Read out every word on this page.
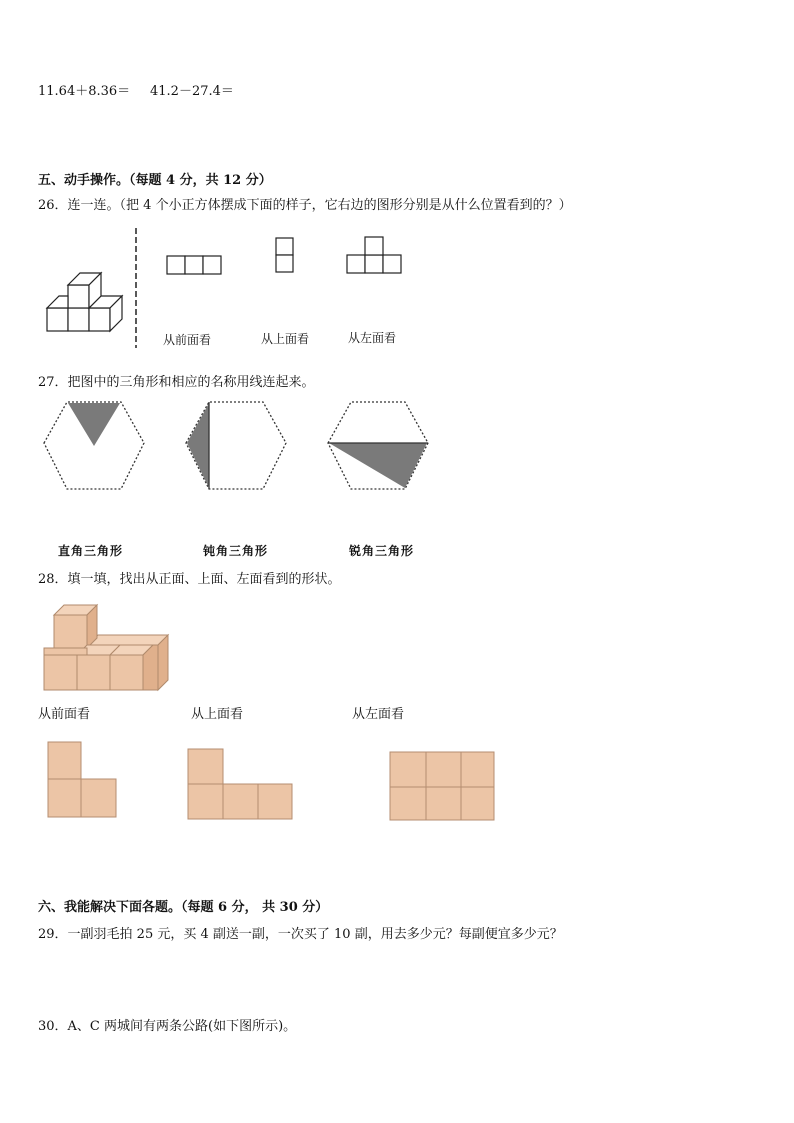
11.64＋8.36＝ 41.2－27.4＝
五、动手操作。（每题 4 分，共 12 分）
26．连一连。（把 4 个小正方体摆成下面的样子，它右边的图形分别是从什么位置看到的？）
从前面看	从上面看	从左面看
27．把图中的三角形和相应的名称用线连起来。
直角三角形	钝角三角形	锐角三角形
28．填一填，找出从正面、上面、左面看到的形状。
从前面看	从上面看	从左面看
六、我能解决下面各题。（每题 6 分， 共 30 分）
29．一副羽毛拍 25 元，买 4 副送一副，一次买了 10 副，用去多少元？每副便宜多少元？
30．A、C 两城间有两条公路(如下图所示)。
